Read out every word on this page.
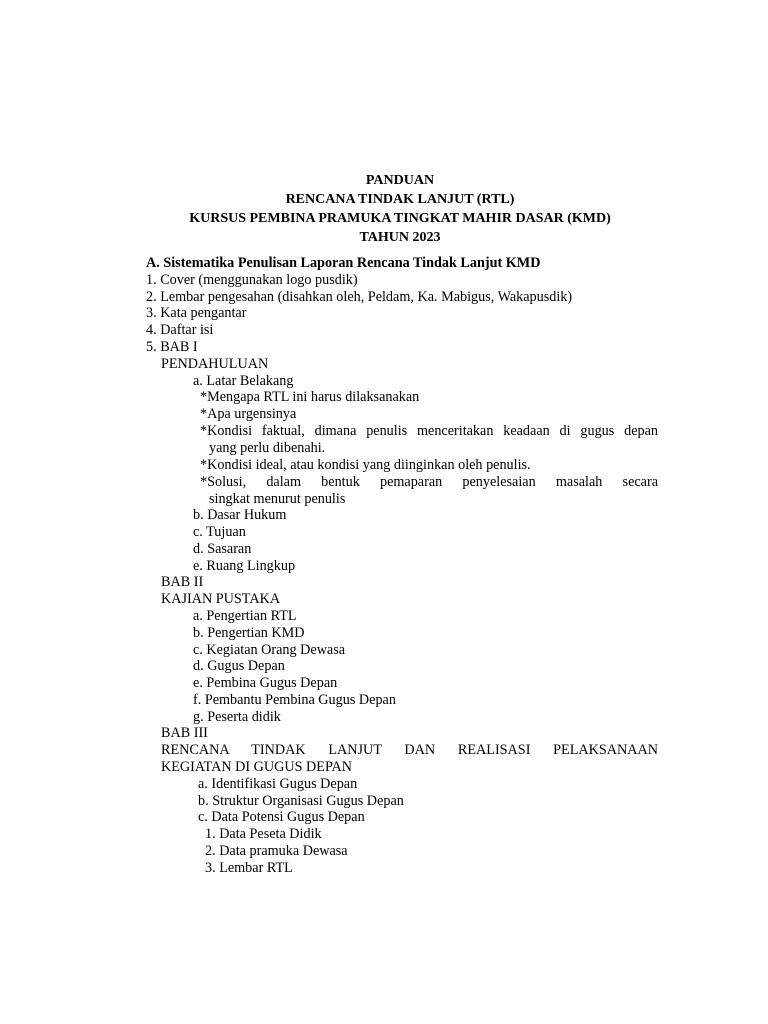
PANDUAN
RENCANA TINDAK LANJUT (RTL)
KURSUS PEMBINA PRAMUKA TINGKAT MAHIR DASAR (KMD)
TAHUN 2023
A. Sistematika Penulisan Laporan Rencana Tindak Lanjut KMD
1. Cover (menggunakan logo pusdik)
2. Lembar pengesahan (disahkan oleh, Peldam, Ka. Mabigus, Wakapusdik)
3. Kata pengantar
4. Daftar isi
5. BAB I
PENDAHULUAN
a. Latar Belakang
*Mengapa RTL ini harus dilaksanakan
*Apa urgensinya
*Kondisi faktual, dimana penulis menceritakan keadaan di gugus depan
yang perlu dibenahi.
*Kondisi ideal, atau kondisi yang diinginkan oleh penulis.
*Solusi, dalam bentuk pemaparan penyelesaian masalah secara
singkat menurut penulis
b. Dasar Hukum
c. Tujuan
d. Sasaran
e. Ruang Lingkup
BAB II
KAJIAN PUSTAKA
a. Pengertian RTL
b. Pengertian KMD
c. Kegiatan Orang Dewasa
d. Gugus Depan
e. Pembina Gugus Depan
f. Pembantu Pembina Gugus Depan
g. Peserta didik
BAB III
RENCANA TINDAK LANJUT DAN REALISASI PELAKSANAAN
KEGIATAN DI GUGUS DEPAN
a. Identifikasi Gugus Depan
b. Struktur Organisasi Gugus Depan
c. Data Potensi Gugus Depan
1. Data Peseta Didik
2. Data pramuka Dewasa
3. Lembar RTL
